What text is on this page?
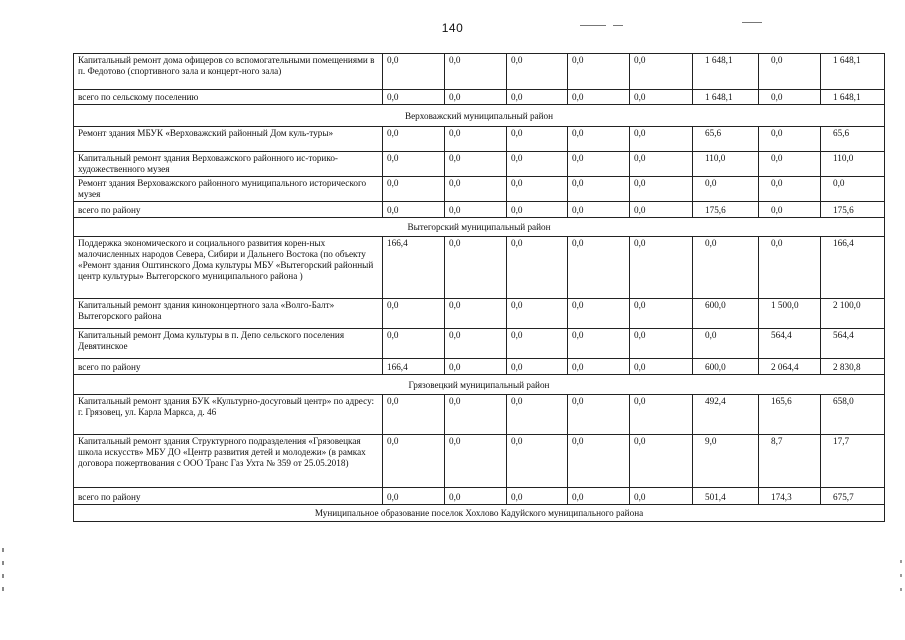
140
Капитальный ремонт дома офицеров со вспомогательными помещениями в п. Федотово (спортивного зала и концерт-ного зала)	0,0	0,0	0,0	0,0	0,0	1 648,1	0,0	1 648,1
всего по сельскому поселению	0,0	0,0	0,0	0,0	0,0	1 648,1	0,0	1 648,1
Верховажский муниципальный район								
Ремонт здания МБУК «Верховажский районный Дом куль-туры»	0,0	0,0	0,0	0,0	0,0	65,6	0,0	65,6
Капитальный ремонт здания Верховажского районного ис-торико-художественного музея	0,0	0,0	0,0	0,0	0,0	110,0	0,0	110,0
Ремонт здания Верховажского районного муниципального исторического музея	0,0	0,0	0,0	0,0	0,0	0,0	0,0	0,0
всего по району	0,0	0,0	0,0	0,0	0,0	175,6	0,0	175,6
Вытегорский муниципальный район								
Поддержка экономического и социального развития корен-ных малочисленных народов Севера, Сибири и Дальнего Востока (по объекту «Ремонт здания Оштинского Дома культуры МБУ «Вытегорский районный центр культуры» Вытегорского муниципального района )	166,4	0,0	0,0	0,0	0,0	0,0	0,0	166,4
Капитальный ремонт здания киноконцертного зала «Волго-Балт» Вытегорского района	0,0	0,0	0,0	0,0	0,0	600,0	1 500,0	2 100,0
Капитальный ремонт Дома культуры в п. Депо сельского поселения Девятинское	0,0	0,0	0,0	0,0	0,0	0,0	564,4	564,4
всего по району	166,4	0,0	0,0	0,0	0,0	600,0	2 064,4	2 830,8
Грязовецкий муниципальный район								
Капитальный ремонт здания БУК «Культурно-досуговый центр» по адресу: г. Грязовец, ул. Карла Маркса, д. 46	0,0	0,0	0,0	0,0	0,0	492,4	165,6	658,0
Капитальный ремонт здания Структурного подразделения «Грязовецкая школа искусств» МБУ ДО «Центр развития детей и молодежи» (в рамках договора пожертвования с ООО Транс Газ Ухта № 359 от 25.05.2018)	0,0	0,0	0,0	0,0	0,0	9,0	8,7	17,7
всего по району	0,0	0,0	0,0	0,0	0,0	501,4	174,3	675,7
Муниципальное образование поселок Хохлово Кадуйского муниципального района								
